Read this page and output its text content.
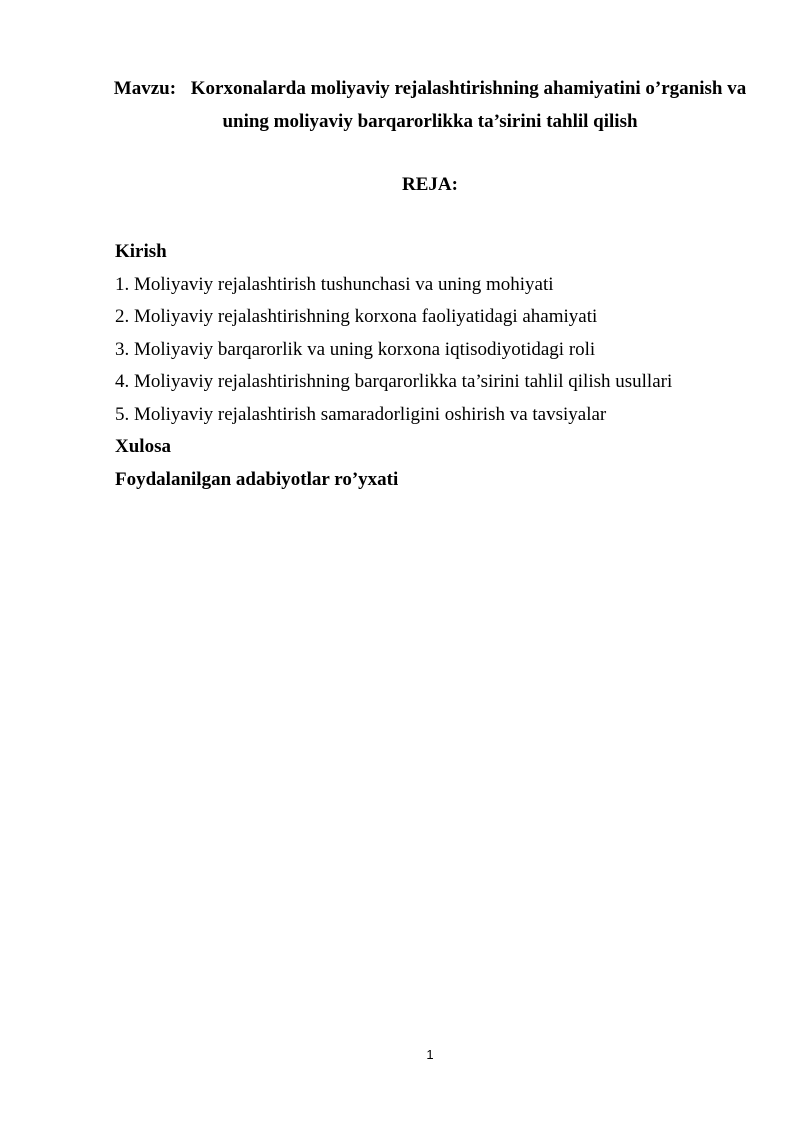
Mavzu: Korxonalarda moliyaviy rejalashtirishning ahamiyatini o’rganish va uning moliyaviy barqarorlikka ta’sirini tahlil qilish
REJA:
Kirish
1. Moliyaviy rejalashtirish tushunchasi va uning mohiyati
2. Moliyaviy rejalashtirishning korxona faoliyatidagi ahamiyati
3. Moliyaviy barqarorlik va uning korxona iqtisodiyotidagi roli
4. Moliyaviy rejalashtirishning barqarorlikka ta’sirini tahlil qilish usullari
5. Moliyaviy rejalashtirish samaradorligini oshirish va tavsiyalar
Xulosa
Foydalanilgan adabiyotlar ro’yxati
1
